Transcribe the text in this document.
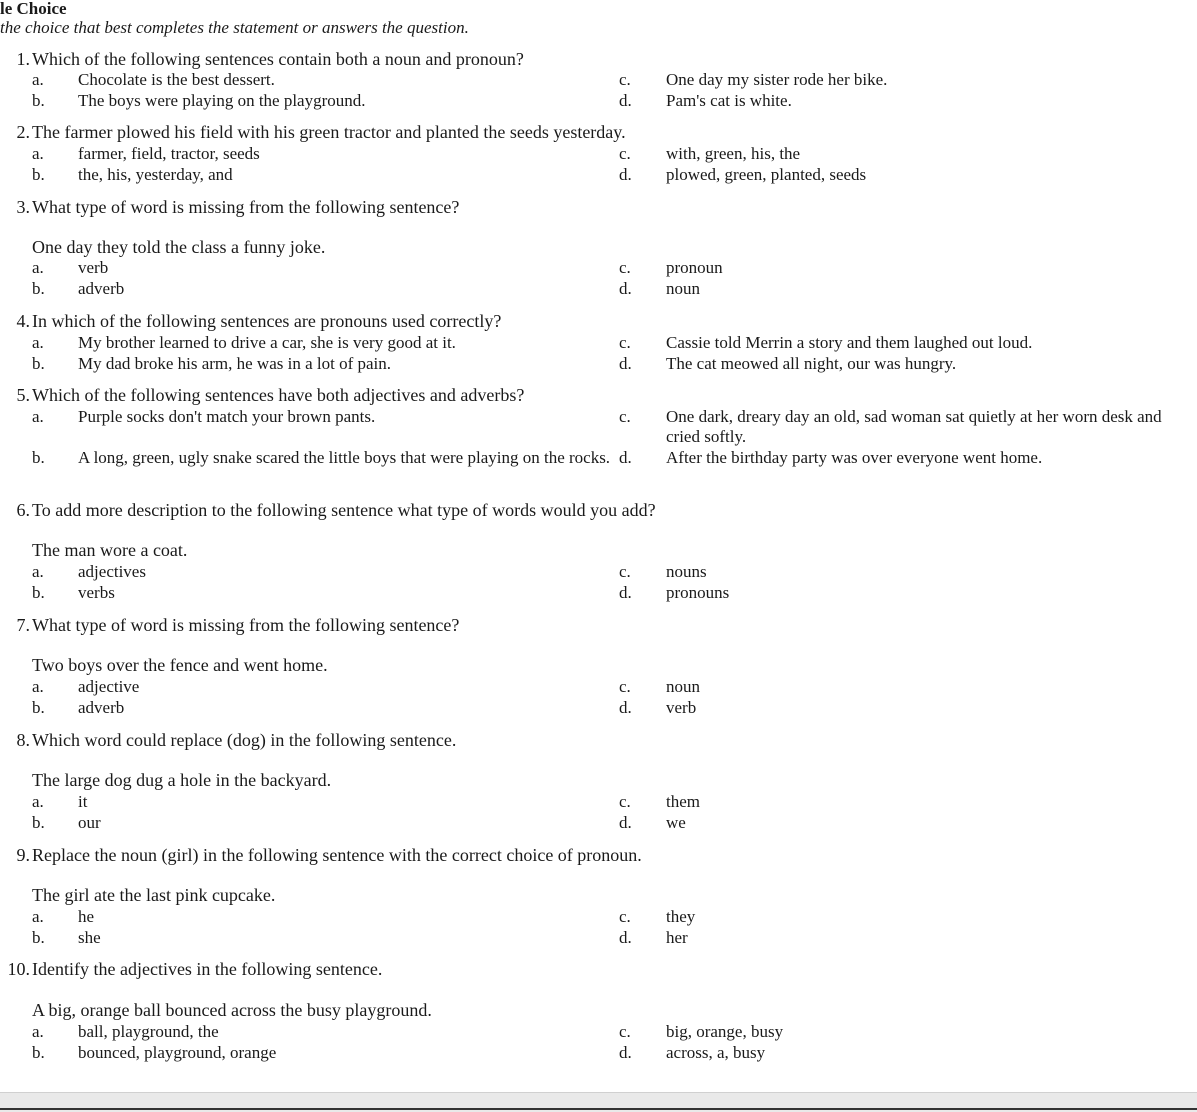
le Choice
the choice that best completes the statement or answers the question.
1. Which of the following sentences contain both a noun and pronoun?
a. Chocolate is the best dessert.
b. The boys were playing on the playground.
c. One day my sister rode her bike.
d. Pam's cat is white.
2. The farmer plowed his field with his green tractor and planted the seeds yesterday.
a. farmer, field, tractor, seeds
b. the, his, yesterday, and
c. with, green, his, the
d. plowed, green, planted, seeds
3. What type of word is missing from the following sentence?
One day they told the class a funny joke.
a. verb
b. adverb
c. pronoun
d. noun
4. In which of the following sentences are pronouns used correctly?
a. My brother learned to drive a car, she is very good at it.
b. My dad broke his arm, he was in a lot of pain.
c. Cassie told Merrin a story and them laughed out loud.
d. The cat meowed all night, our was hungry.
5. Which of the following sentences have both adjectives and adverbs?
a. Purple socks don't match your brown pants.
b. A long, green, ugly snake scared the little boys that were playing on the rocks.
c. One dark, dreary day an old, sad woman sat quietly at her worn desk and cried softly.
d. After the birthday party was over everyone went home.
6. To add more description to the following sentence what type of words would you add?
The man wore a coat.
a. adjectives
b. verbs
c. nouns
d. pronouns
7. What type of word is missing from the following sentence?
Two boys over the fence and went home.
a. adjective
b. adverb
c. noun
d. verb
8. Which word could replace (dog) in the following sentence.
The large dog dug a hole in the backyard.
a. it
b. our
c. them
d. we
9. Replace the noun (girl) in the following sentence with the correct choice of pronoun.
The girl ate the last pink cupcake.
a. he
b. she
c. they
d. her
10. Identify the adjectives in the following sentence.
A big, orange ball bounced across the busy playground.
a. ball, playground, the
b. bounced, playground, orange
c. big, orange, busy
d. across, a, busy
